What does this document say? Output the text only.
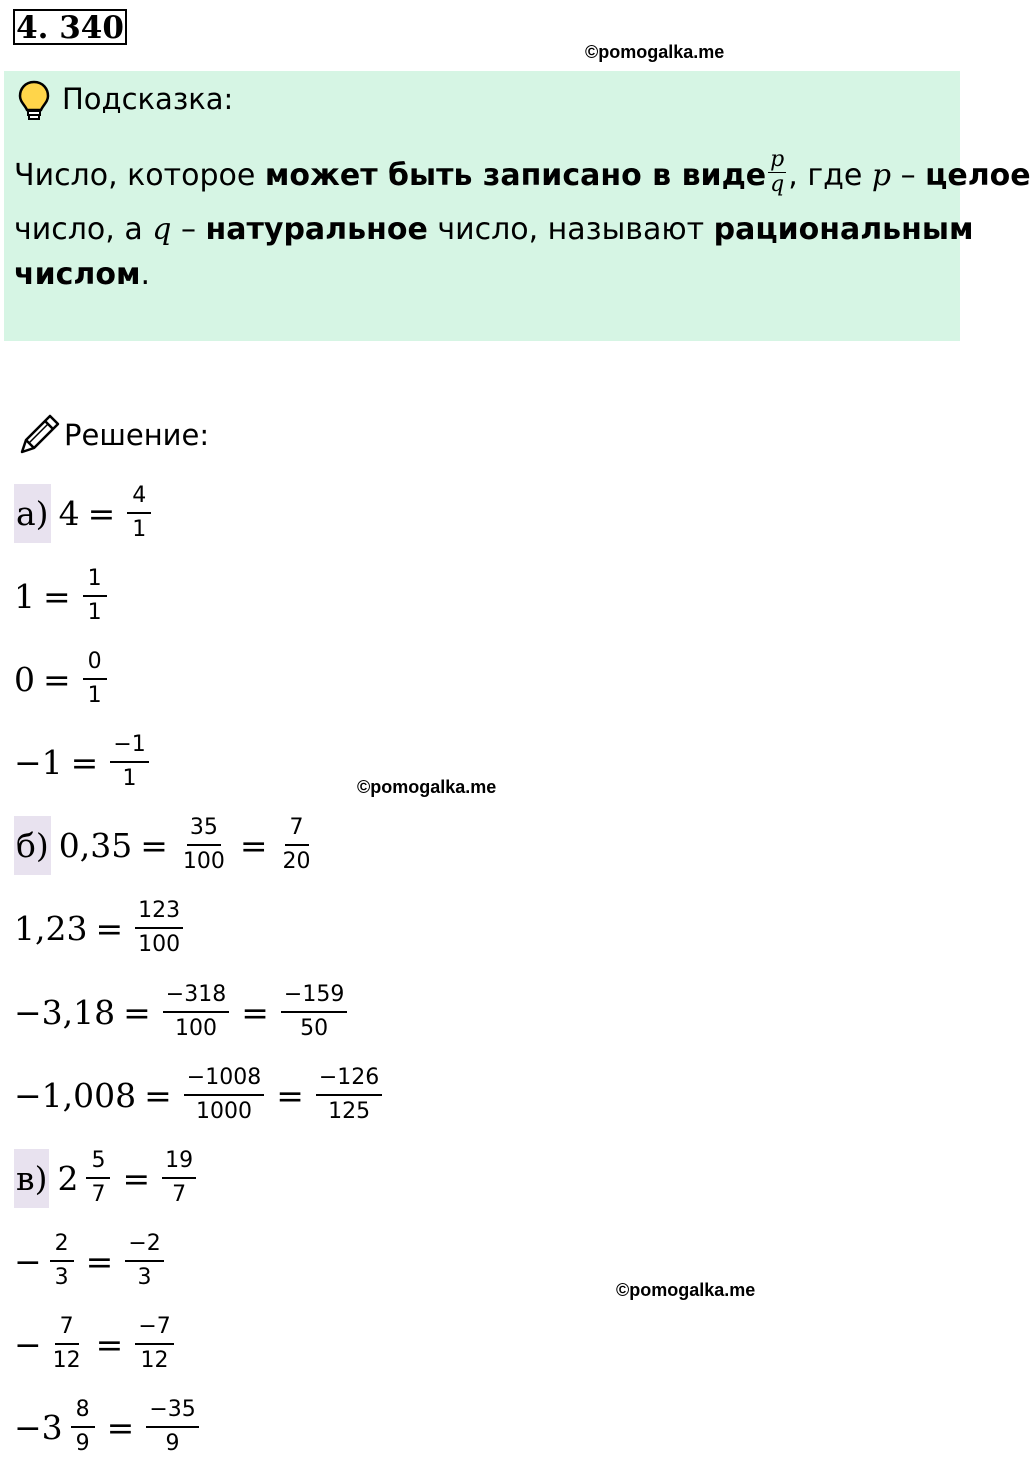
4. 340
©pomogalka.me
Подсказка:
Число, которое может быть записано в виде $\frac{p}{q}$ , где p – целое
число, а q – натуральное число, называют рациональным
числом.
Решение:
©pomogalka.me
©pomogalka.me
а) $4 = \frac{4}{1}$
$1 = \frac{1}{1}$
$0 = \frac{0}{1}$
$-1 = \frac{-1}{1}$
б) $0,35 = \frac{35}{100} = \frac{7}{20}$
$1,23 = \frac{123}{100}$
$-3,18 = \frac{-318}{100} = \frac{-159}{50}$
$-1,008 = \frac{-1008}{1000} = \frac{-126}{125}$
в) $2 \frac{5}{7} = \frac{19}{7}$
− $\frac{2}{3} = \frac{-2}{3}$
− $\frac{7}{12} = \frac{-7}{12}$
$-3 \frac{8}{9} = \frac{-35}{9}$
